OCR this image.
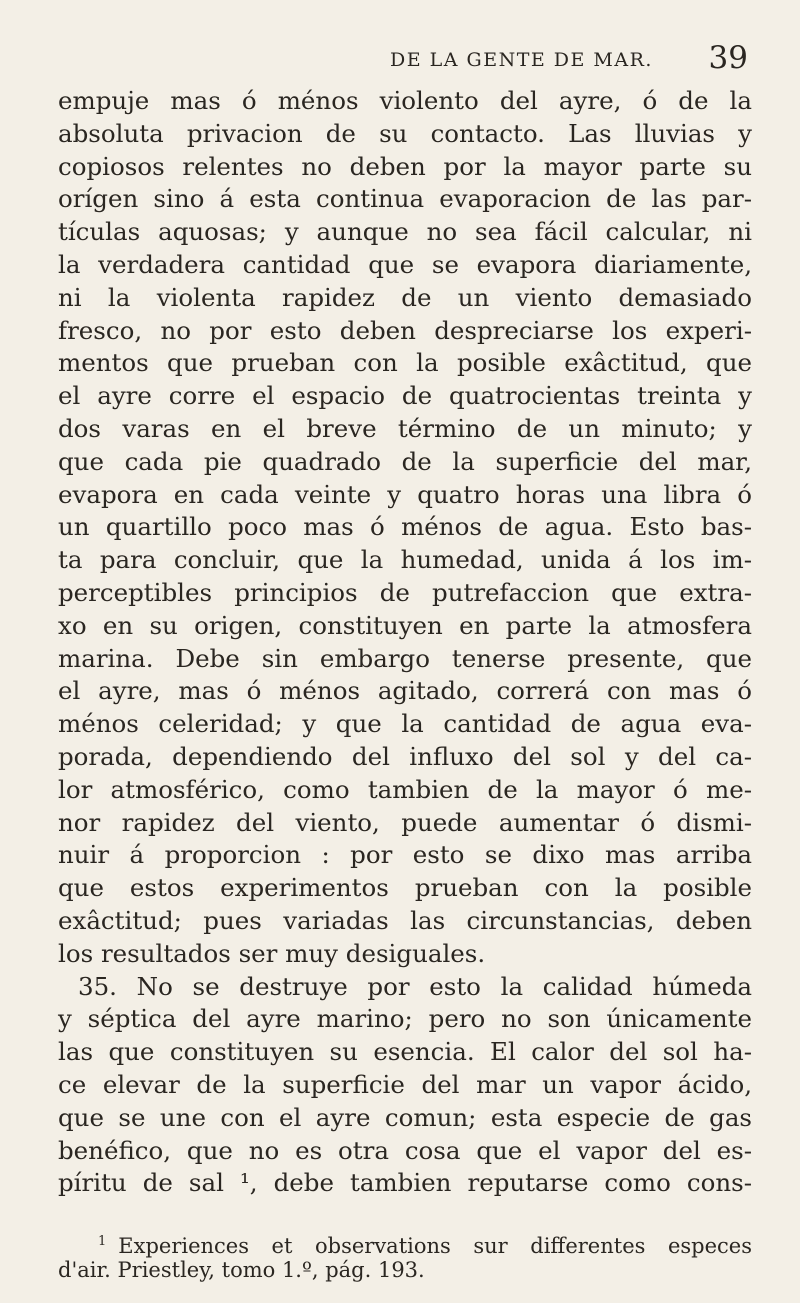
DE LA GENTE DE MAR. 39
empuje mas ó ménos violento del ayre, ó de la
absoluta privacion de su contacto. Las lluvias y
copiosos relentes no deben por la mayor parte su
orígen sino á esta continua evaporacion de las par-
tículas aquosas; y aunque no sea fácil calcular, ni
la verdadera cantidad que se evapora diariamente,
ni la violenta rapidez de un viento demasiado
fresco, no por esto deben despreciarse los experi-
mentos que prueban con la posible exâctitud, que
el ayre corre el espacio de quatrocientas treinta y
dos varas en el breve término de un minuto; y
que cada pie quadrado de la superficie del mar,
evapora en cada veinte y quatro horas una libra ó
un quartillo poco mas ó ménos de agua. Esto bas-
ta para concluir, que la humedad, unida á los im-
perceptibles principios de putrefaccion que extra-
xo en su origen, constituyen en parte la atmosfera
marina. Debe sin embargo tenerse presente, que
el ayre, mas ó ménos agitado, correrá con mas ó
ménos celeridad; y que la cantidad de agua eva-
porada, dependiendo del influxo del sol y del ca-
lor atmosférico, como tambien de la mayor ó me-
nor rapidez del viento, puede aumentar ó dismi-
nuir á proporcion : por esto se dixo mas arriba
que estos experimentos prueban con la posible
exâctitud; pues variadas las circunstancias, deben
los resultados ser muy desiguales.
35. No se destruye por esto la calidad húmeda
y séptica del ayre marino; pero no son únicamente
las que constituyen su esencia. El calor del sol ha-
ce elevar de la superficie del mar un vapor ácido,
que se une con el ayre comun; esta especie de gas
benéfico, que no es otra cosa que el vapor del es-
píritu de sal ¹, debe tambien reputarse como cons-
$^1$ Experiences et observations sur differentes especes
d'air. Priestley, tomo 1.º, pág. 193.
